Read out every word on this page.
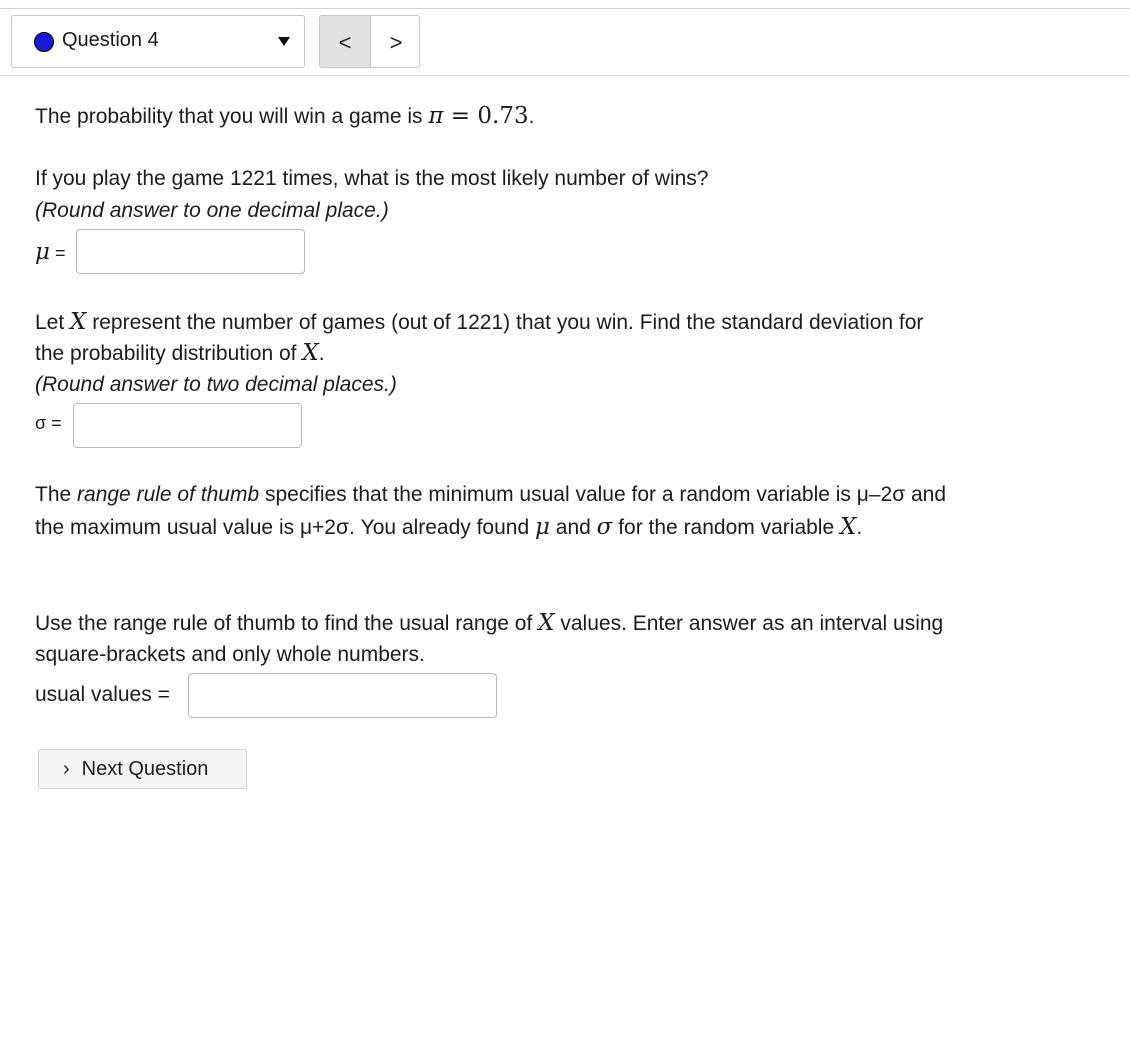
Question 4	< >
The probability that you will win a game is π = 0.73.
If you play the game 1221 times, what is the most likely number of wins?
(Round answer to one decimal place.)
μ =
Let X represent the number of games (out of 1221) that you win. Find the standard deviation for
the probability distribution of X.
(Round answer to two decimal places.)
σ =
The range rule of thumb specifies that the minimum usual value for a random variable is μ–2σ and
the maximum usual value is μ+2σ. You already found μ and σ for the random variable X.
Use the range rule of thumb to find the usual range of X values. Enter answer as an interval using
square-brackets and only whole numbers.
usual values =
› Next Question
